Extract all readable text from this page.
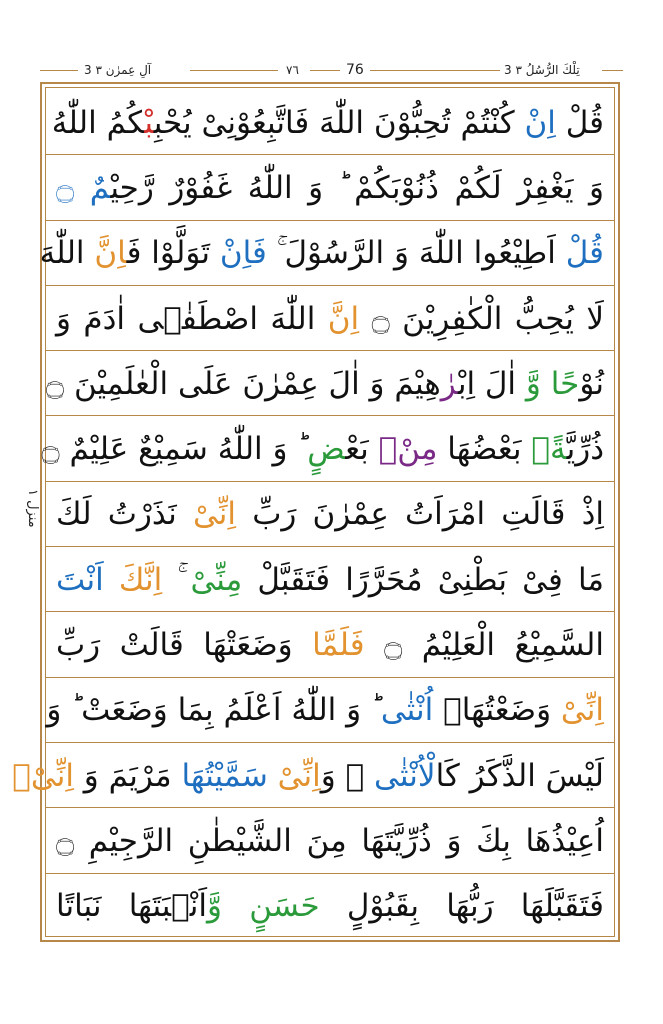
3 آلِ عِمرٰن ٣	٧٦	76	3 تِلْكَ الرُّسُلُ ٣
منزل ١
قُلْ اِنْ كُنْتُمْ تُحِبُّوْنَ اللّٰهَ فَاتَّبِعُوْنِیْ یُحْبِبْكُمُ اللّٰهُ
وَ یَغْفِرْ لَكُمْ ذُنُوْبَكُمْ ؕ وَ اللّٰهُ غَفُوْرٌ رَّحِیْمٌ ۝
قُلْ اَطِیْعُوا اللّٰهَ وَ الرَّسُوْلَ ۚ فَاِنْ تَوَلَّوْا فَاِنَّ اللّٰهَ
لَا یُحِبُّ الْكٰفِرِیْنَ ۝ اِنَّ اللّٰهَ اصْطَفٰۤى اٰدَمَ وَ
نُوْحًا وَّ اٰلَ اِبْرٰهِیْمَ وَ اٰلَ عِمْرٰنَ عَلَى الْعٰلَمِیْنَ ۝
ذُرِّیَّةًۢ بَعْضُهَا مِنْۢ بَعْضٍ ؕ وَ اللّٰهُ سَمِیْعٌ عَلِیْمٌ ۝
اِذْ قَالَتِ امْرَاَتُ عِمْرٰنَ رَبِّ اِنِّیْ نَذَرْتُ لَكَ
مَا فِیْ بَطْنِیْ مُحَرَّرًا فَتَقَبَّلْ مِنِّیْ ۚ اِنَّكَ اَنْتَ
السَّمِیْعُ الْعَلِیْمُ ۝ فَلَمَّا وَضَعَتْهَا قَالَتْ رَبِّ
اِنِّیْ وَضَعْتُهَاۤ اُنْثٰى ؕ وَ اللّٰهُ اَعْلَمُ بِمَا وَضَعَتْ ؕ وَ
لَیْسَ الذَّكَرُ كَالْاُنْثٰى ۚ وَاِنِّیْ سَمَّیْتُهَا مَرْیَمَ وَ اِنِّیْۤ
اُعِیْذُهَا بِكَ وَ ذُرِّیَّتَهَا مِنَ الشَّیْطٰنِ الرَّجِیْمِ ۝
فَتَقَبَّلَهَا رَبُّهَا بِقَبُوْلٍ حَسَنٍ وَّاَنْۢبَتَهَا نَبَاتًا
